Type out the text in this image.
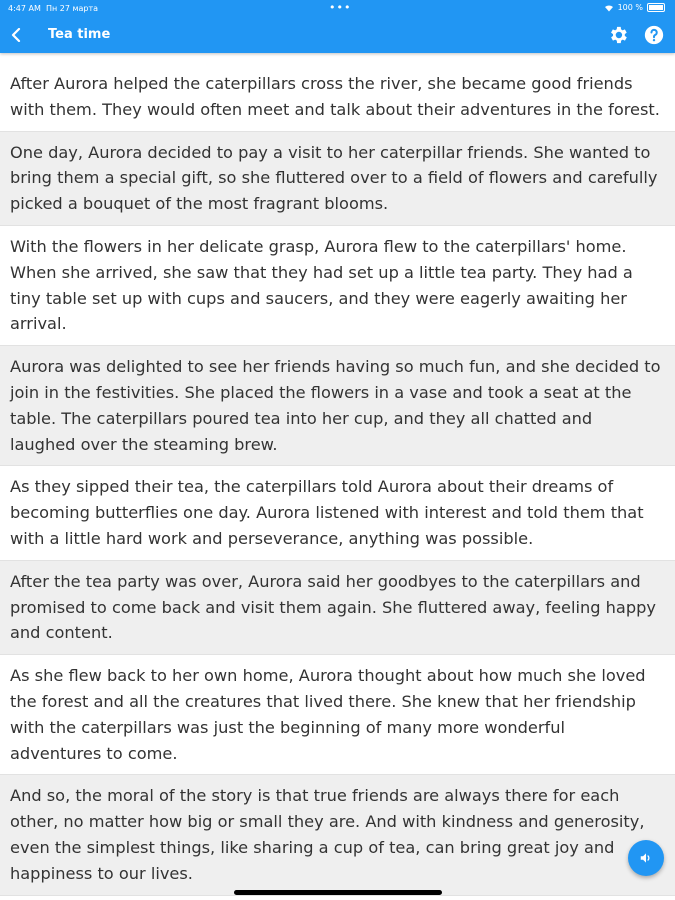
4:47 AM Пн 27 марта	•••	100 %
Tea time
After Aurora helped the caterpillars cross the river, she became good friends with them. They would often meet and talk about their adventures in the forest.
One day, Aurora decided to pay a visit to her caterpillar friends. She wanted to bring them a special gift, so she fluttered over to a field of flowers and carefully picked a bouquet of the most fragrant blooms.
With the flowers in her delicate grasp, Aurora flew to the caterpillars' home. When she arrived, she saw that they had set up a little tea party. They had a tiny table set up with cups and saucers, and they were eagerly awaiting her arrival.
Aurora was delighted to see her friends having so much fun, and she decided to join in the festivities. She placed the flowers in a vase and took a seat at the table. The caterpillars poured tea into her cup, and they all chatted and laughed over the steaming brew.
As they sipped their tea, the caterpillars told Aurora about their dreams of becoming butterflies one day. Aurora listened with interest and told them that with a little hard work and perseverance, anything was possible.
After the tea party was over, Aurora said her goodbyes to the caterpillars and promised to come back and visit them again. She fluttered away, feeling happy and content.
As she flew back to her own home, Aurora thought about how much she loved the forest and all the creatures that lived there. She knew that her friendship with the caterpillars was just the beginning of many more wonderful adventures to come.
And so, the moral of the story is that true friends are always there for each other, no matter how big or small they are. And with kindness and generosity, even the simplest things, like sharing a cup of tea, can bring great joy and happiness to our lives.
